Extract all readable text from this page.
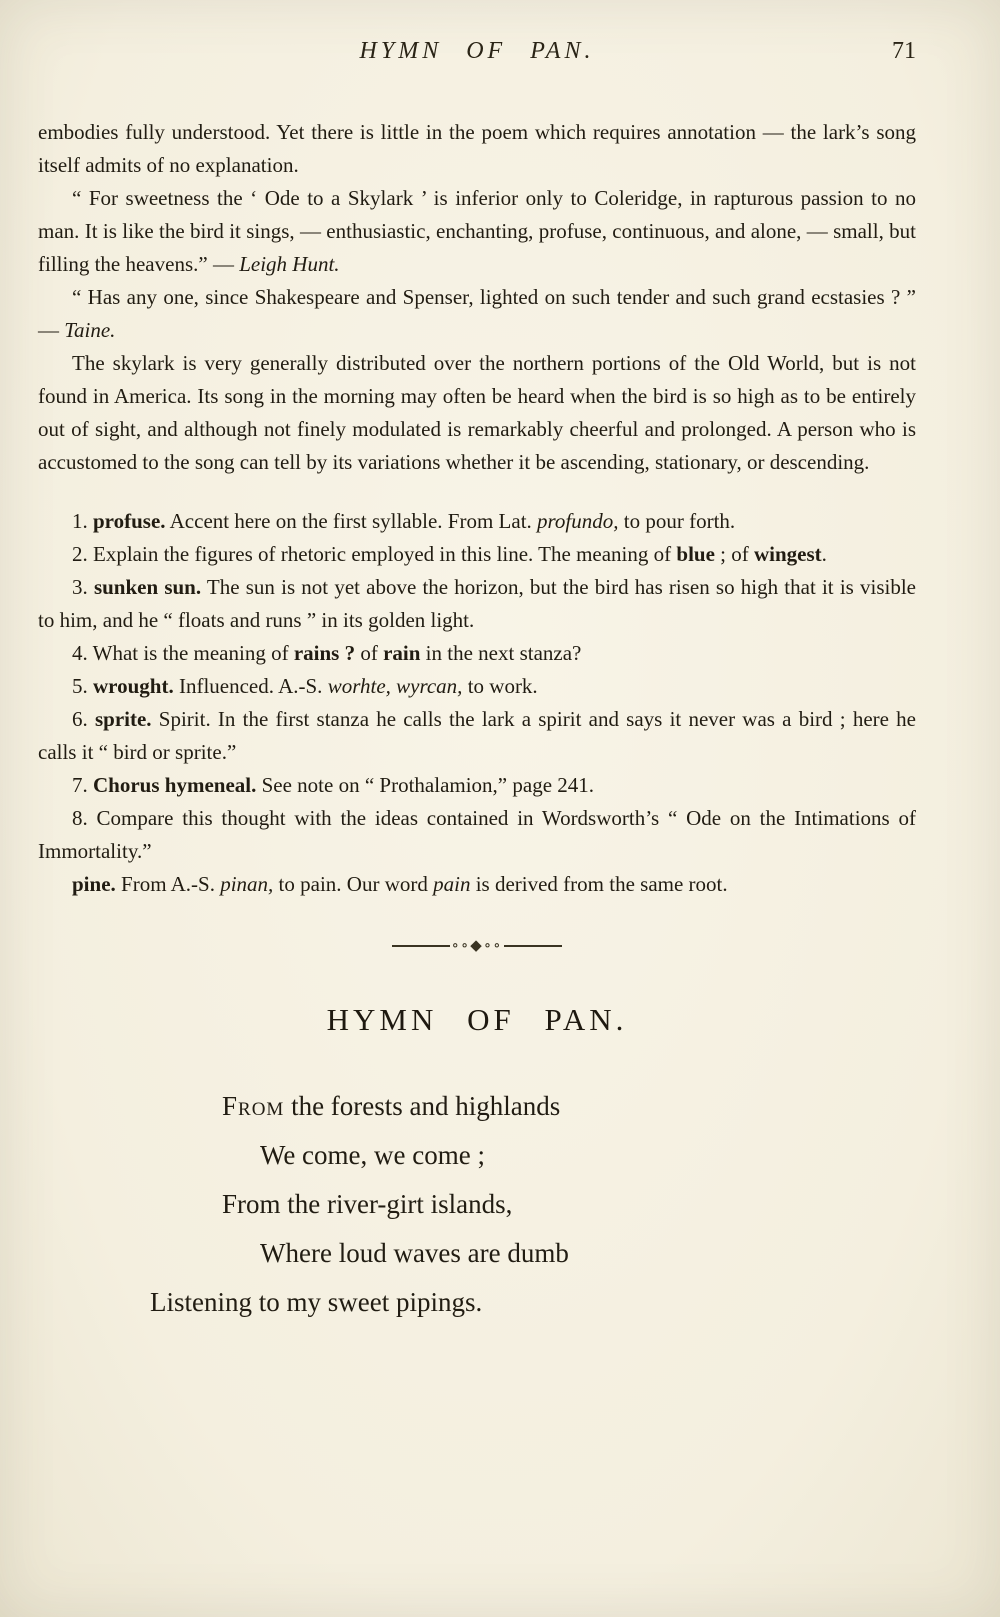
HYMN OF PAN.	71

embodies fully understood. Yet there is little in the poem which requires annotation — the lark’s song itself admits of no explanation.

“ For sweetness the ‘ Ode to a Skylark ’ is inferior only to Coleridge, in rapturous passion to no man. It is like the bird it sings, — enthusiastic, enchanting, profuse, continuous, and alone, — small, but filling the heavens.” — Leigh Hunt.

“ Has any one, since Shakespeare and Spenser, lighted on such tender and such grand ecstasies ? ” — Taine.

The skylark is very generally distributed over the northern portions of the Old World, but is not found in America. Its song in the morning may often be heard when the bird is so high as to be entirely out of sight, and although not finely modulated is remarkably cheerful and prolonged. A person who is accustomed to the song can tell by its variations whether it be ascending, stationary, or descending.

1. profuse. Accent here on the first syllable. From Lat. profundo, to pour forth.

2. Explain the figures of rhetoric employed in this line. The meaning of blue ; of wingest.

3. sunken sun. The sun is not yet above the horizon, but the bird has risen so high that it is visible to him, and he “ floats and runs ” in its golden light.

4. What is the meaning of rains ? of rain in the next stanza?

5. wrought. Influenced. A.-S. worhte, wyrcan, to work.

6. sprite. Spirit. In the first stanza he calls the lark a spirit and says it never was a bird ; here he calls it “ bird or sprite.”

7. Chorus hymeneal. See note on “ Prothalamion,” page 241.

8. Compare this thought with the ideas contained in Wordsworth’s “ Ode on the Intimations of Immortality.”

pine. From A.-S. pinan, to pain. Our word pain is derived from the same root.

∘∘◆∘∘
HYMN OF PAN.

From the forests and highlands

We come, we come ;

From the river-girt islands,

Where loud waves are dumb

Listening to my sweet pipings.
